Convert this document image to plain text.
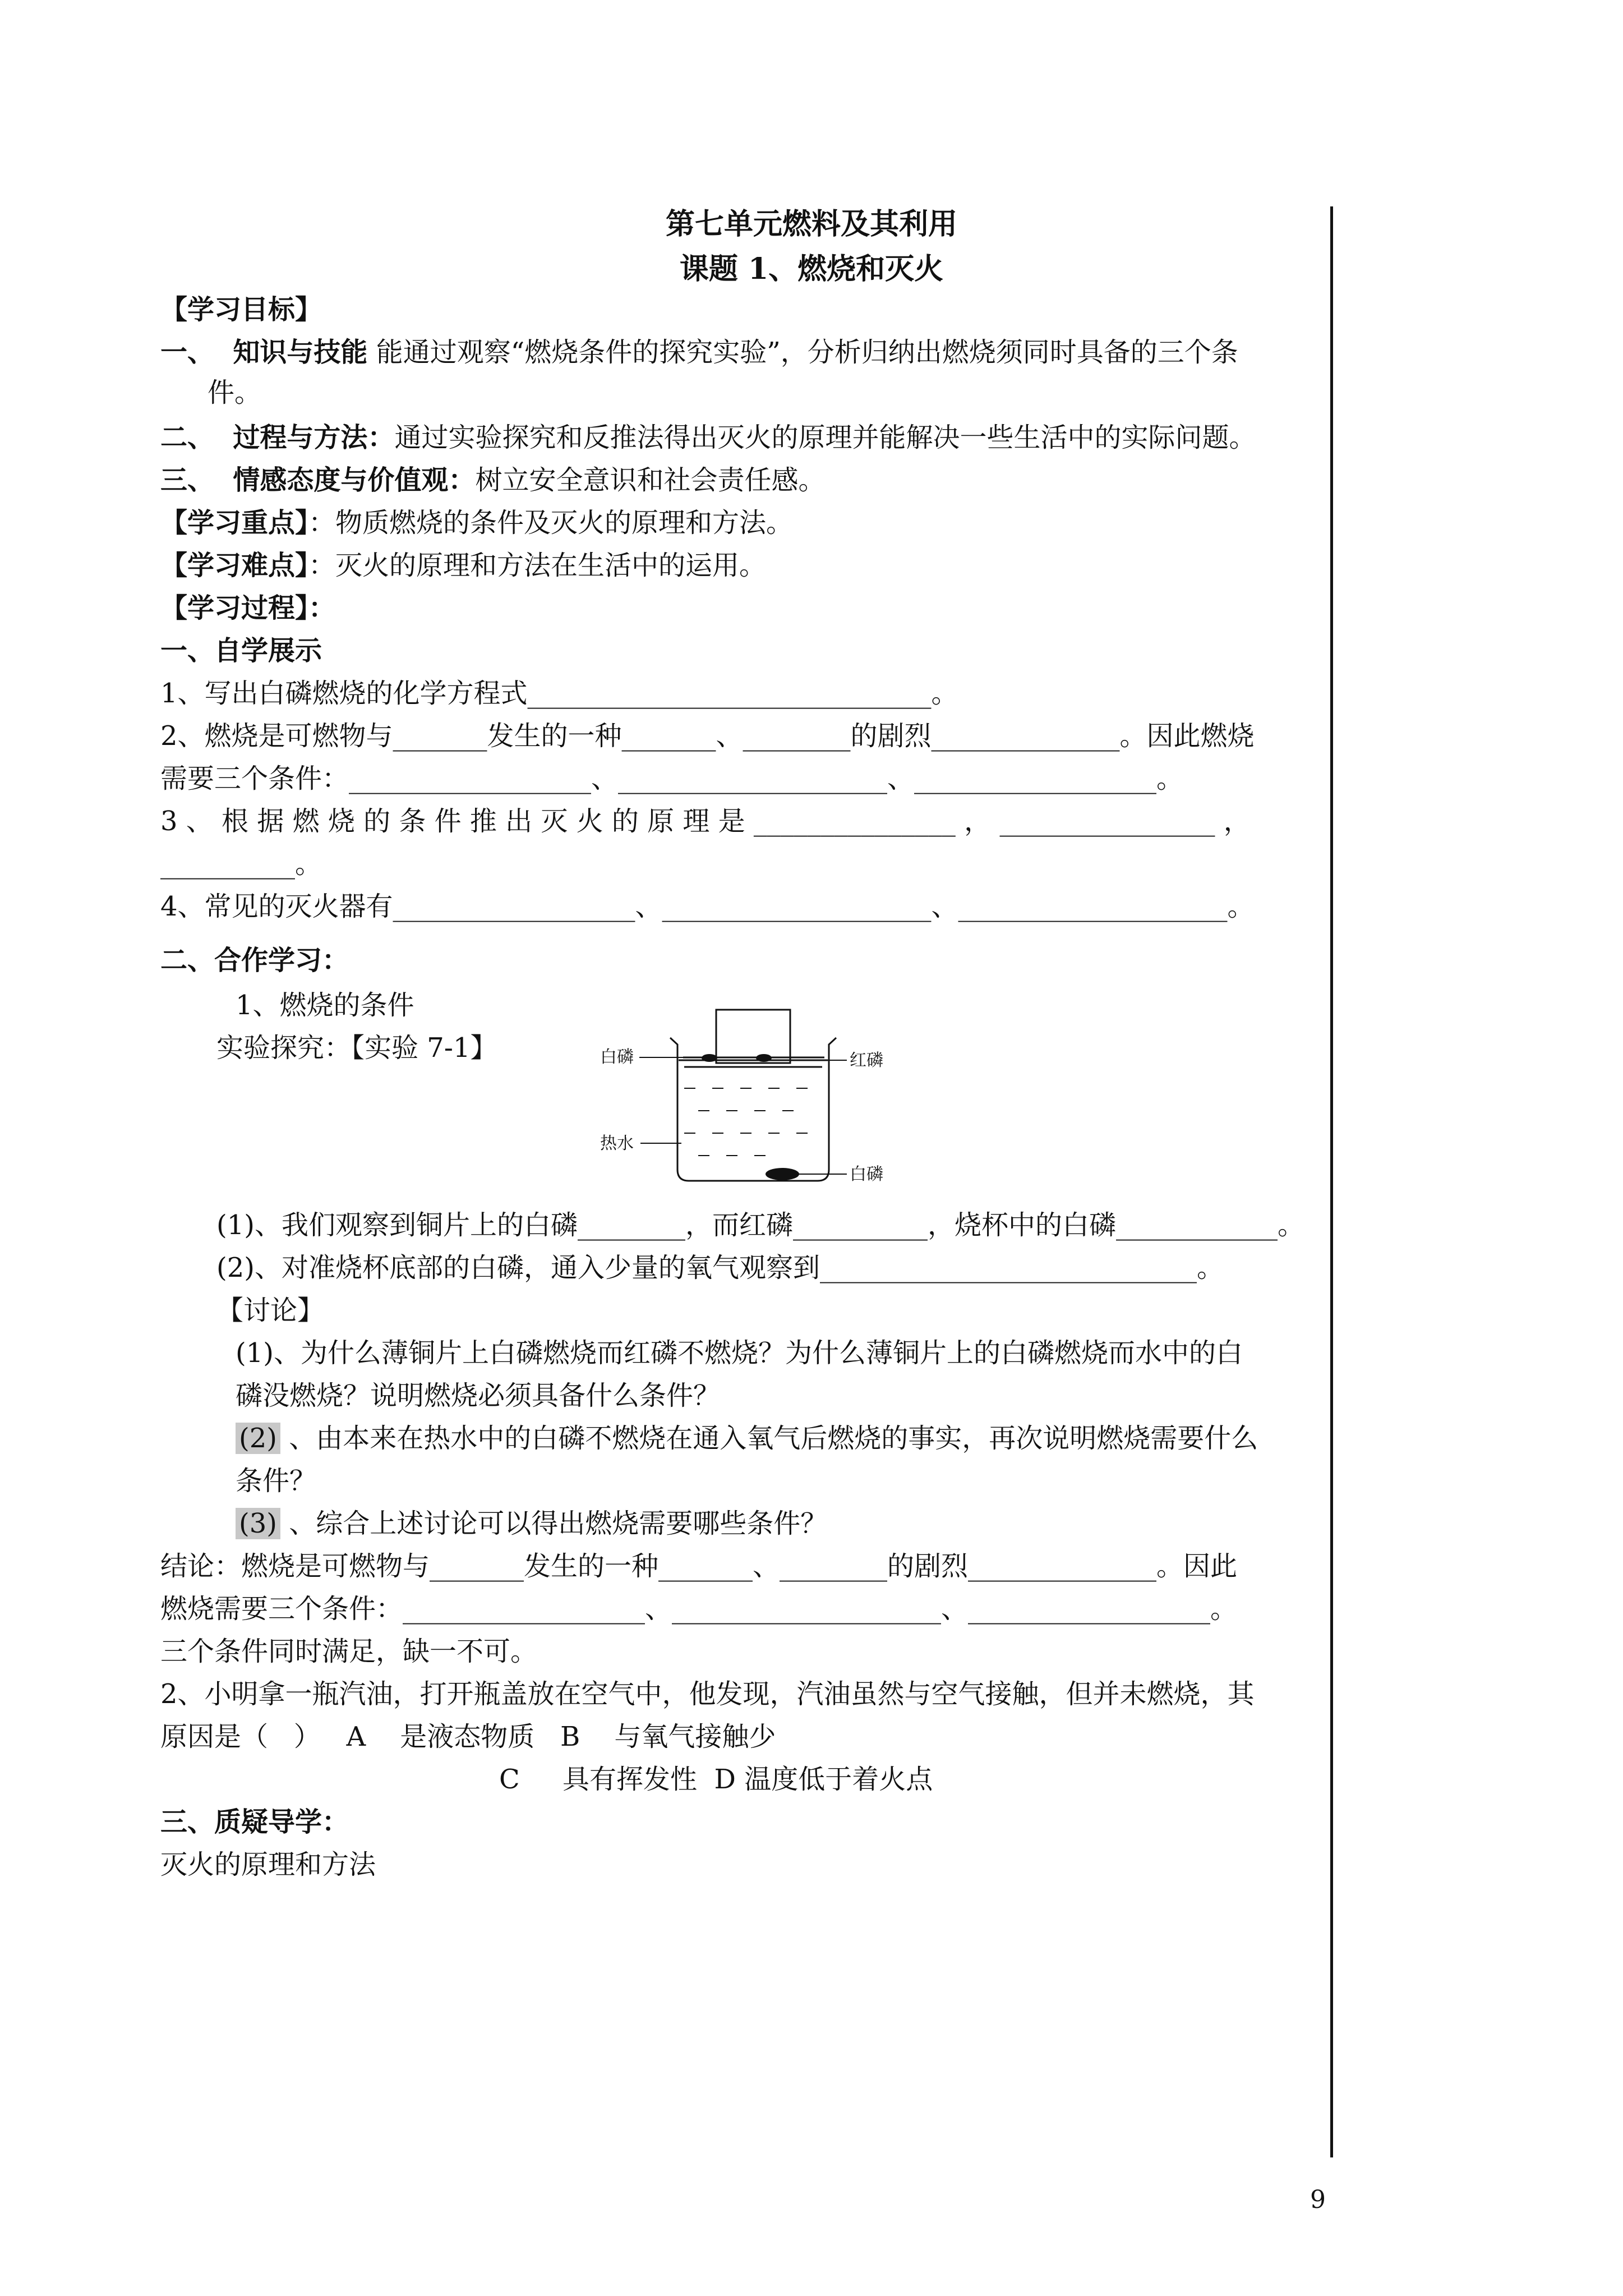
第七单元燃料及其利用
课题 1、燃烧和灭火
【学习目标】
一、  知识与技能 能通过观察“燃烧条件的探究实验”，分析归纳出燃烧须同时具备的三个条
件。
二、  过程与方法：通过实验探究和反推法得出灭火的原理并能解决一些生活中的实际问题。
三、  情感态度与价值观：树立安全意识和社会责任感。
【学习重点】：物质燃烧的条件及灭火的原理和方法。
【学习难点】：灭火的原理和方法在生活中的运用。
【学习过程】：
一、自学展示
1、写出白磷燃烧的化学方程式______________________________。
2、燃烧是可燃物与_______发生的一种_______、________的剧烈______________。因此燃烧
需要三个条件：__________________、____________________、__________________。
3 、 根 据 燃 烧 的 条 件 推 出 灭 火 的 原 理 是 _______________ ， ________________ ，
__________。
4、常见的灭火器有__________________、____________________、____________________。
二、合作学习：
1、燃烧的条件
实验探究：【实验 7-1】	白磷	红磷
热水
白磷
(1)、我们观察到铜片上的白磷________，而红磷__________，烧杯中的白磷____________。
(2)、对准烧杯底部的白磷，通入少量的氧气观察到____________________________。
【讨论】
(1)、为什么薄铜片上白磷燃烧而红磷不燃烧？为什么薄铜片上的白磷燃烧而水中的白
磷没燃烧？说明燃烧必须具备什么条件？
(2) 、由本来在热水中的白磷不燃烧在通入氧气后燃烧的事实，再次说明燃烧需要什么
条件？
(3) 、综合上述讨论可以得出燃烧需要哪些条件？
结论：燃烧是可燃物与_______发生的一种_______、________的剧烈______________。因此
燃烧需要三个条件：__________________、____________________、__________________。
三个条件同时满足，缺一不可。
2、小明拿一瓶汽油，打开瓶盖放在空气中，他发现，汽油虽然与空气接触，但并未燃烧，其
原因是（   ）   A    是液态物质   B    与氧气接触少
C     具有挥发性  D 温度低于着火点
三、质疑导学：
灭火的原理和方法
9
